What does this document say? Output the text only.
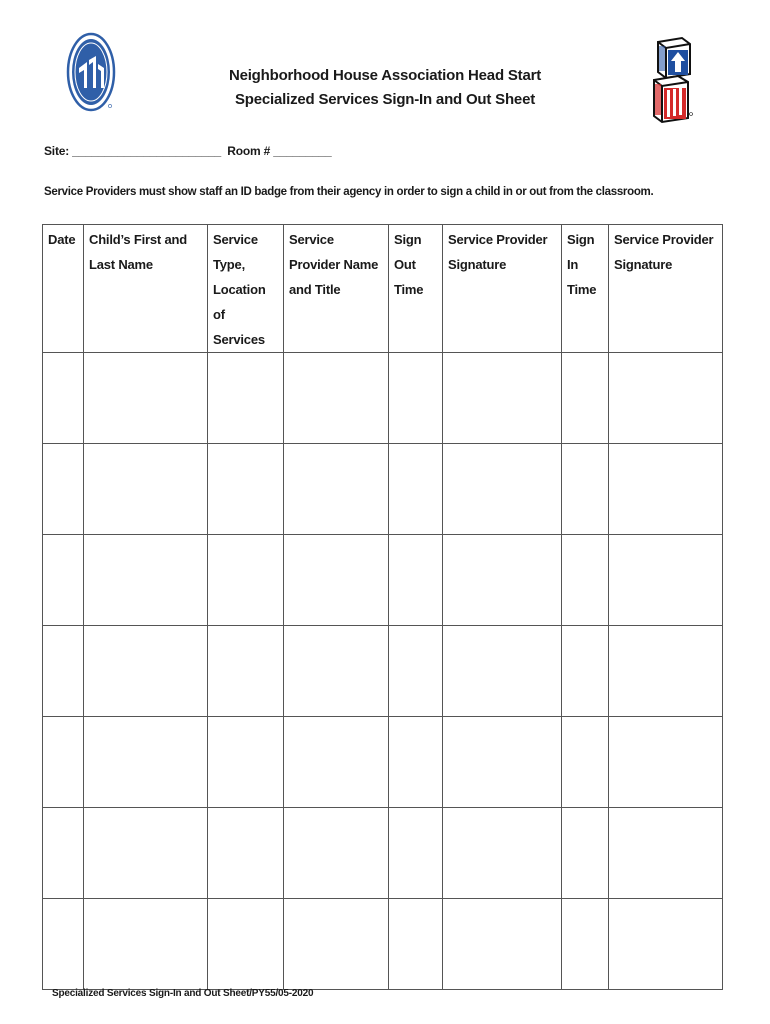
Neighborhood House Association Head Start
Specialized Services Sign-In and Out Sheet
Site: _______________________  Room # _________
Service Providers must show staff an ID badge from their agency in order to sign a child in or out from the classroom.
Date	Child’s First and Last Name	Service Type, Location of Services	Service Provider Name and Title	Sign Out Time	Service Provider Signature	Sign In Time	Service Provider Signature

Specialized Services Sign-In and Out Sheet/PY55/05-2020
